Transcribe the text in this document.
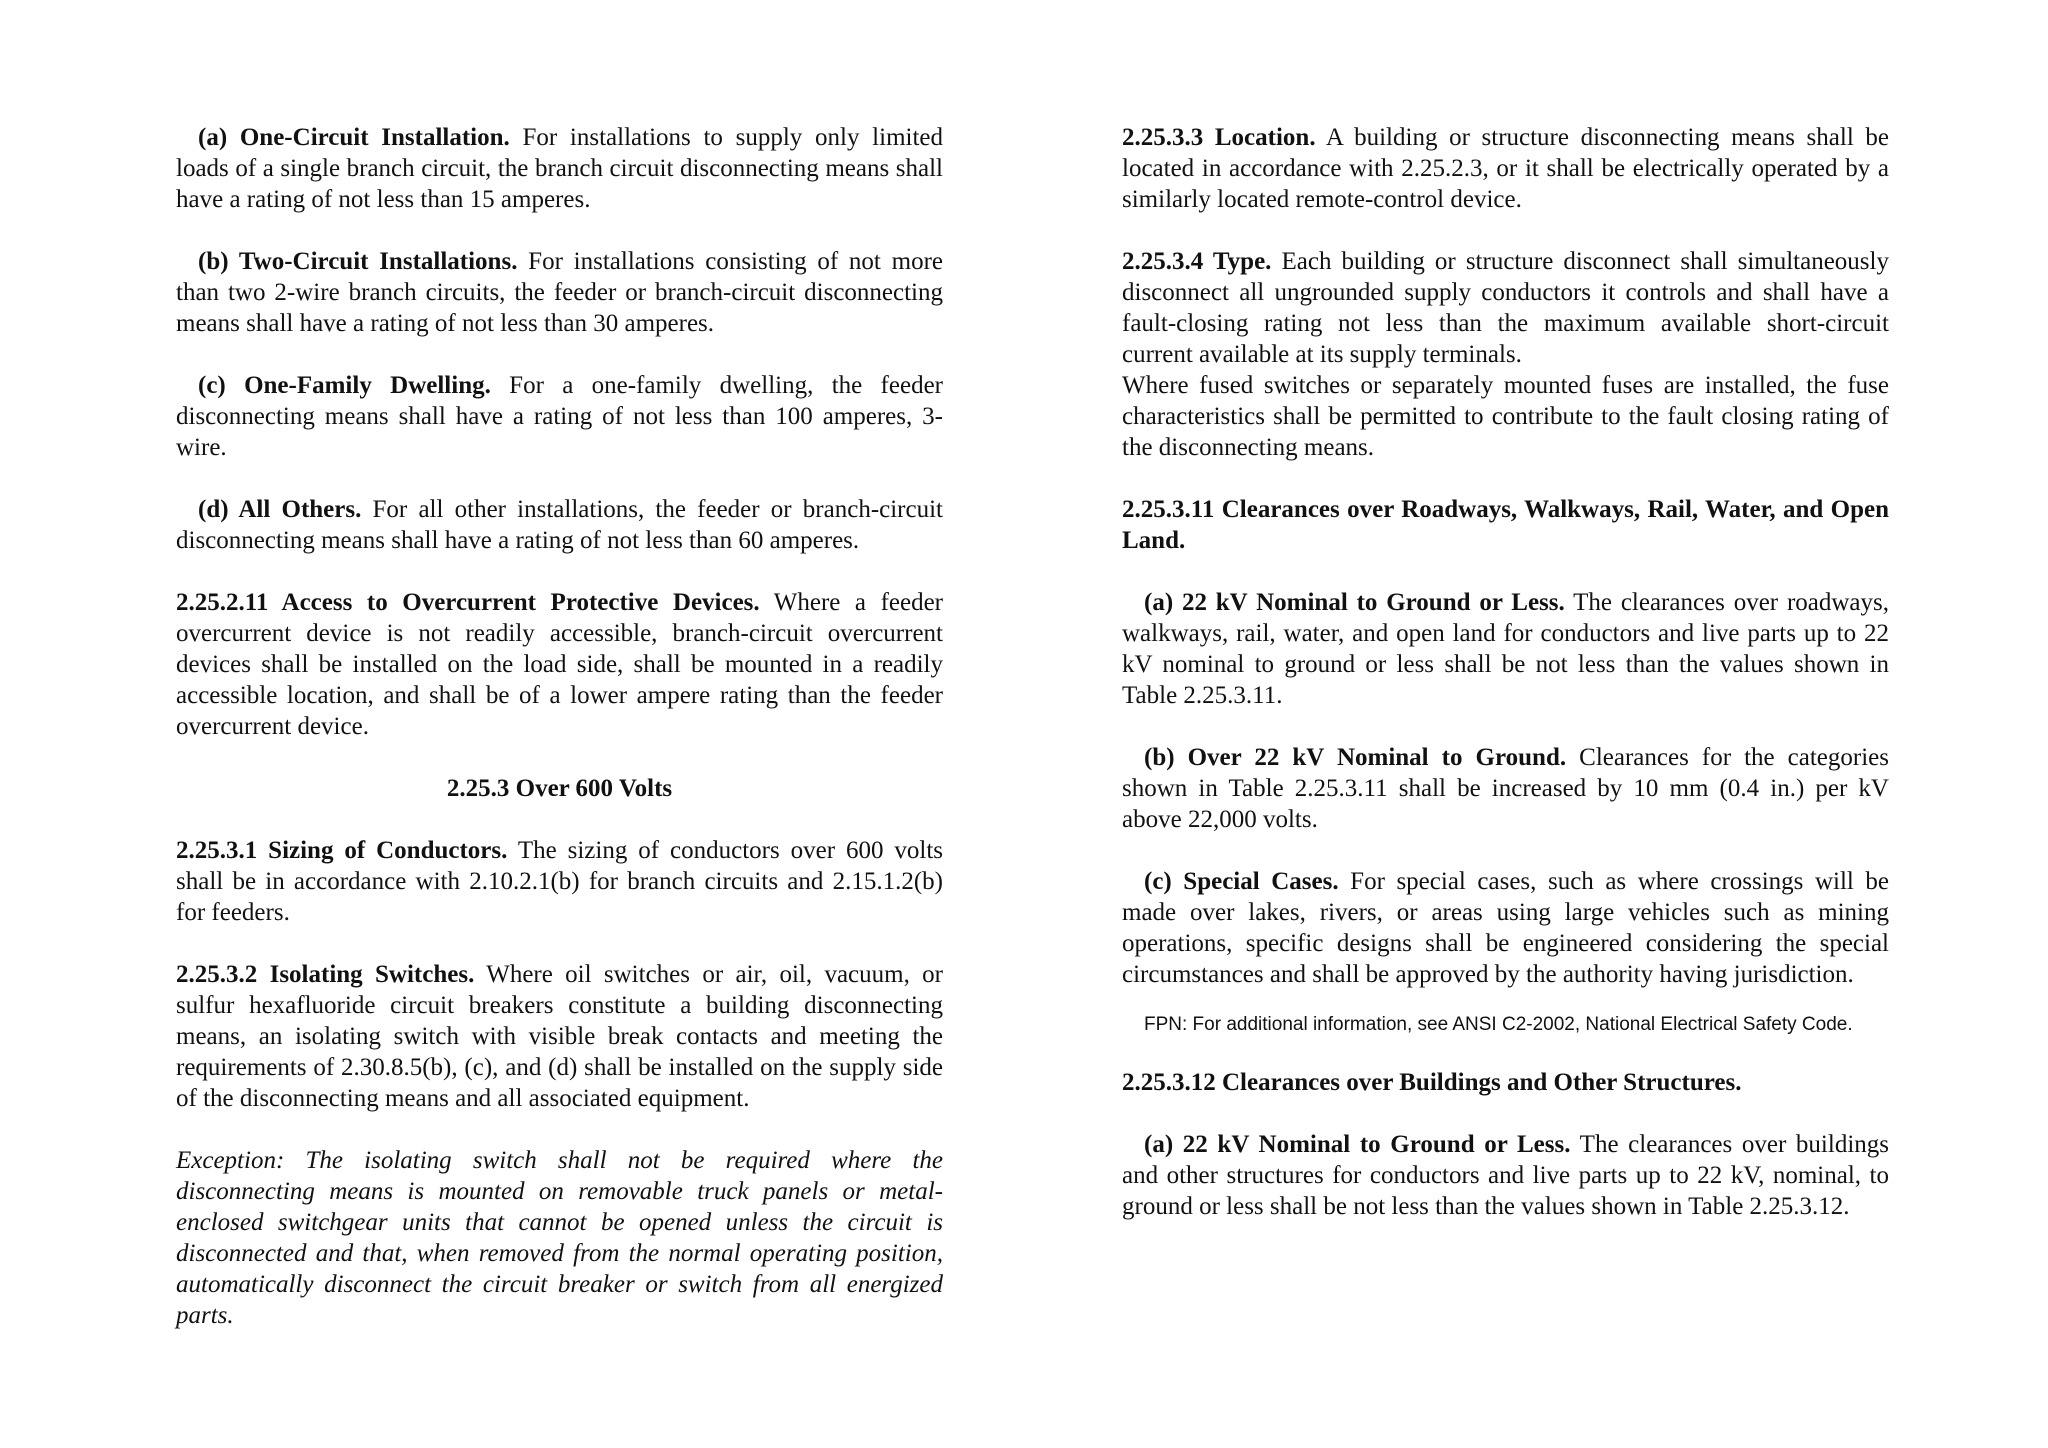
(a) One-Circuit Installation. For installations to supply only limited loads of a single branch circuit, the branch circuit disconnecting means shall have a rating of not less than 15 amperes.

(b) Two-Circuit Installations. For installations consisting of not more than two 2-wire branch circuits, the feeder or branch-circuit disconnecting means shall have a rating of not less than 30 amperes.

(c) One-Family Dwelling. For a one-family dwelling, the feeder disconnecting means shall have a rating of not less than 100 amperes, 3-wire.

(d) All Others. For all other installations, the feeder or branch-circuit disconnecting means shall have a rating of not less than 60 amperes.

2.25.2.11 Access to Overcurrent Protective Devices. Where a feeder overcurrent device is not readily accessible, branch-circuit overcurrent devices shall be installed on the load side, shall be mounted in a readily accessible location, and shall be of a lower ampere rating than the feeder overcurrent device.

2.25.3 Over 600 Volts

2.25.3.1 Sizing of Conductors. The sizing of conductors over 600 volts shall be in accordance with 2.10.2.1(b) for branch circuits and 2.15.1.2(b) for feeders.

2.25.3.2 Isolating Switches. Where oil switches or air, oil, vacuum, or sulfur hexafluoride circuit breakers constitute a building disconnecting means, an isolating switch with visible break contacts and meeting the requirements of 2.30.8.5(b), (c), and (d) shall be installed on the supply side of the disconnecting means and all associated equipment.

Exception: The isolating switch shall not be required where the disconnecting means is mounted on removable truck panels or metal-enclosed switchgear units that cannot be opened unless the circuit is disconnected and that, when removed from the normal operating position, automatically disconnect the circuit breaker or switch from all energized parts.

2.25.3.3 Location. A building or structure disconnecting means shall be located in accordance with 2.25.2.3, or it shall be electrically operated by a similarly located remote-control device.

2.25.3.4 Type. Each building or structure disconnect shall simultaneously disconnect all ungrounded supply conductors it controls and shall have a fault-closing rating not less than the maximum available short-circuit current available at its supply terminals.

Where fused switches or separately mounted fuses are installed, the fuse characteristics shall be permitted to contribute to the fault closing rating of the disconnecting means.

2.25.3.11 Clearances over Roadways, Walkways, Rail, Water, and Open Land.

(a) 22 kV Nominal to Ground or Less. The clearances over roadways, walkways, rail, water, and open land for conductors and live parts up to 22 kV nominal to ground or less shall be not less than the values shown in Table 2.25.3.11.

(b) Over 22 kV Nominal to Ground. Clearances for the categories shown in Table 2.25.3.11 shall be increased by 10 mm (0.4 in.) per kV above 22,000 volts.

(c) Special Cases. For special cases, such as where crossings will be made over lakes, rivers, or areas using large vehicles such as mining operations, specific designs shall be engineered considering the special circumstances and shall be approved by the authority having jurisdiction.

FPN: For additional information, see ANSI C2-2002, National Electrical Safety Code.

2.25.3.12 Clearances over Buildings and Other Structures.

(a) 22 kV Nominal to Ground or Less. The clearances over buildings and other structures for conductors and live parts up to 22 kV, nominal, to ground or less shall be not less than the values shown in Table 2.25.3.12.
